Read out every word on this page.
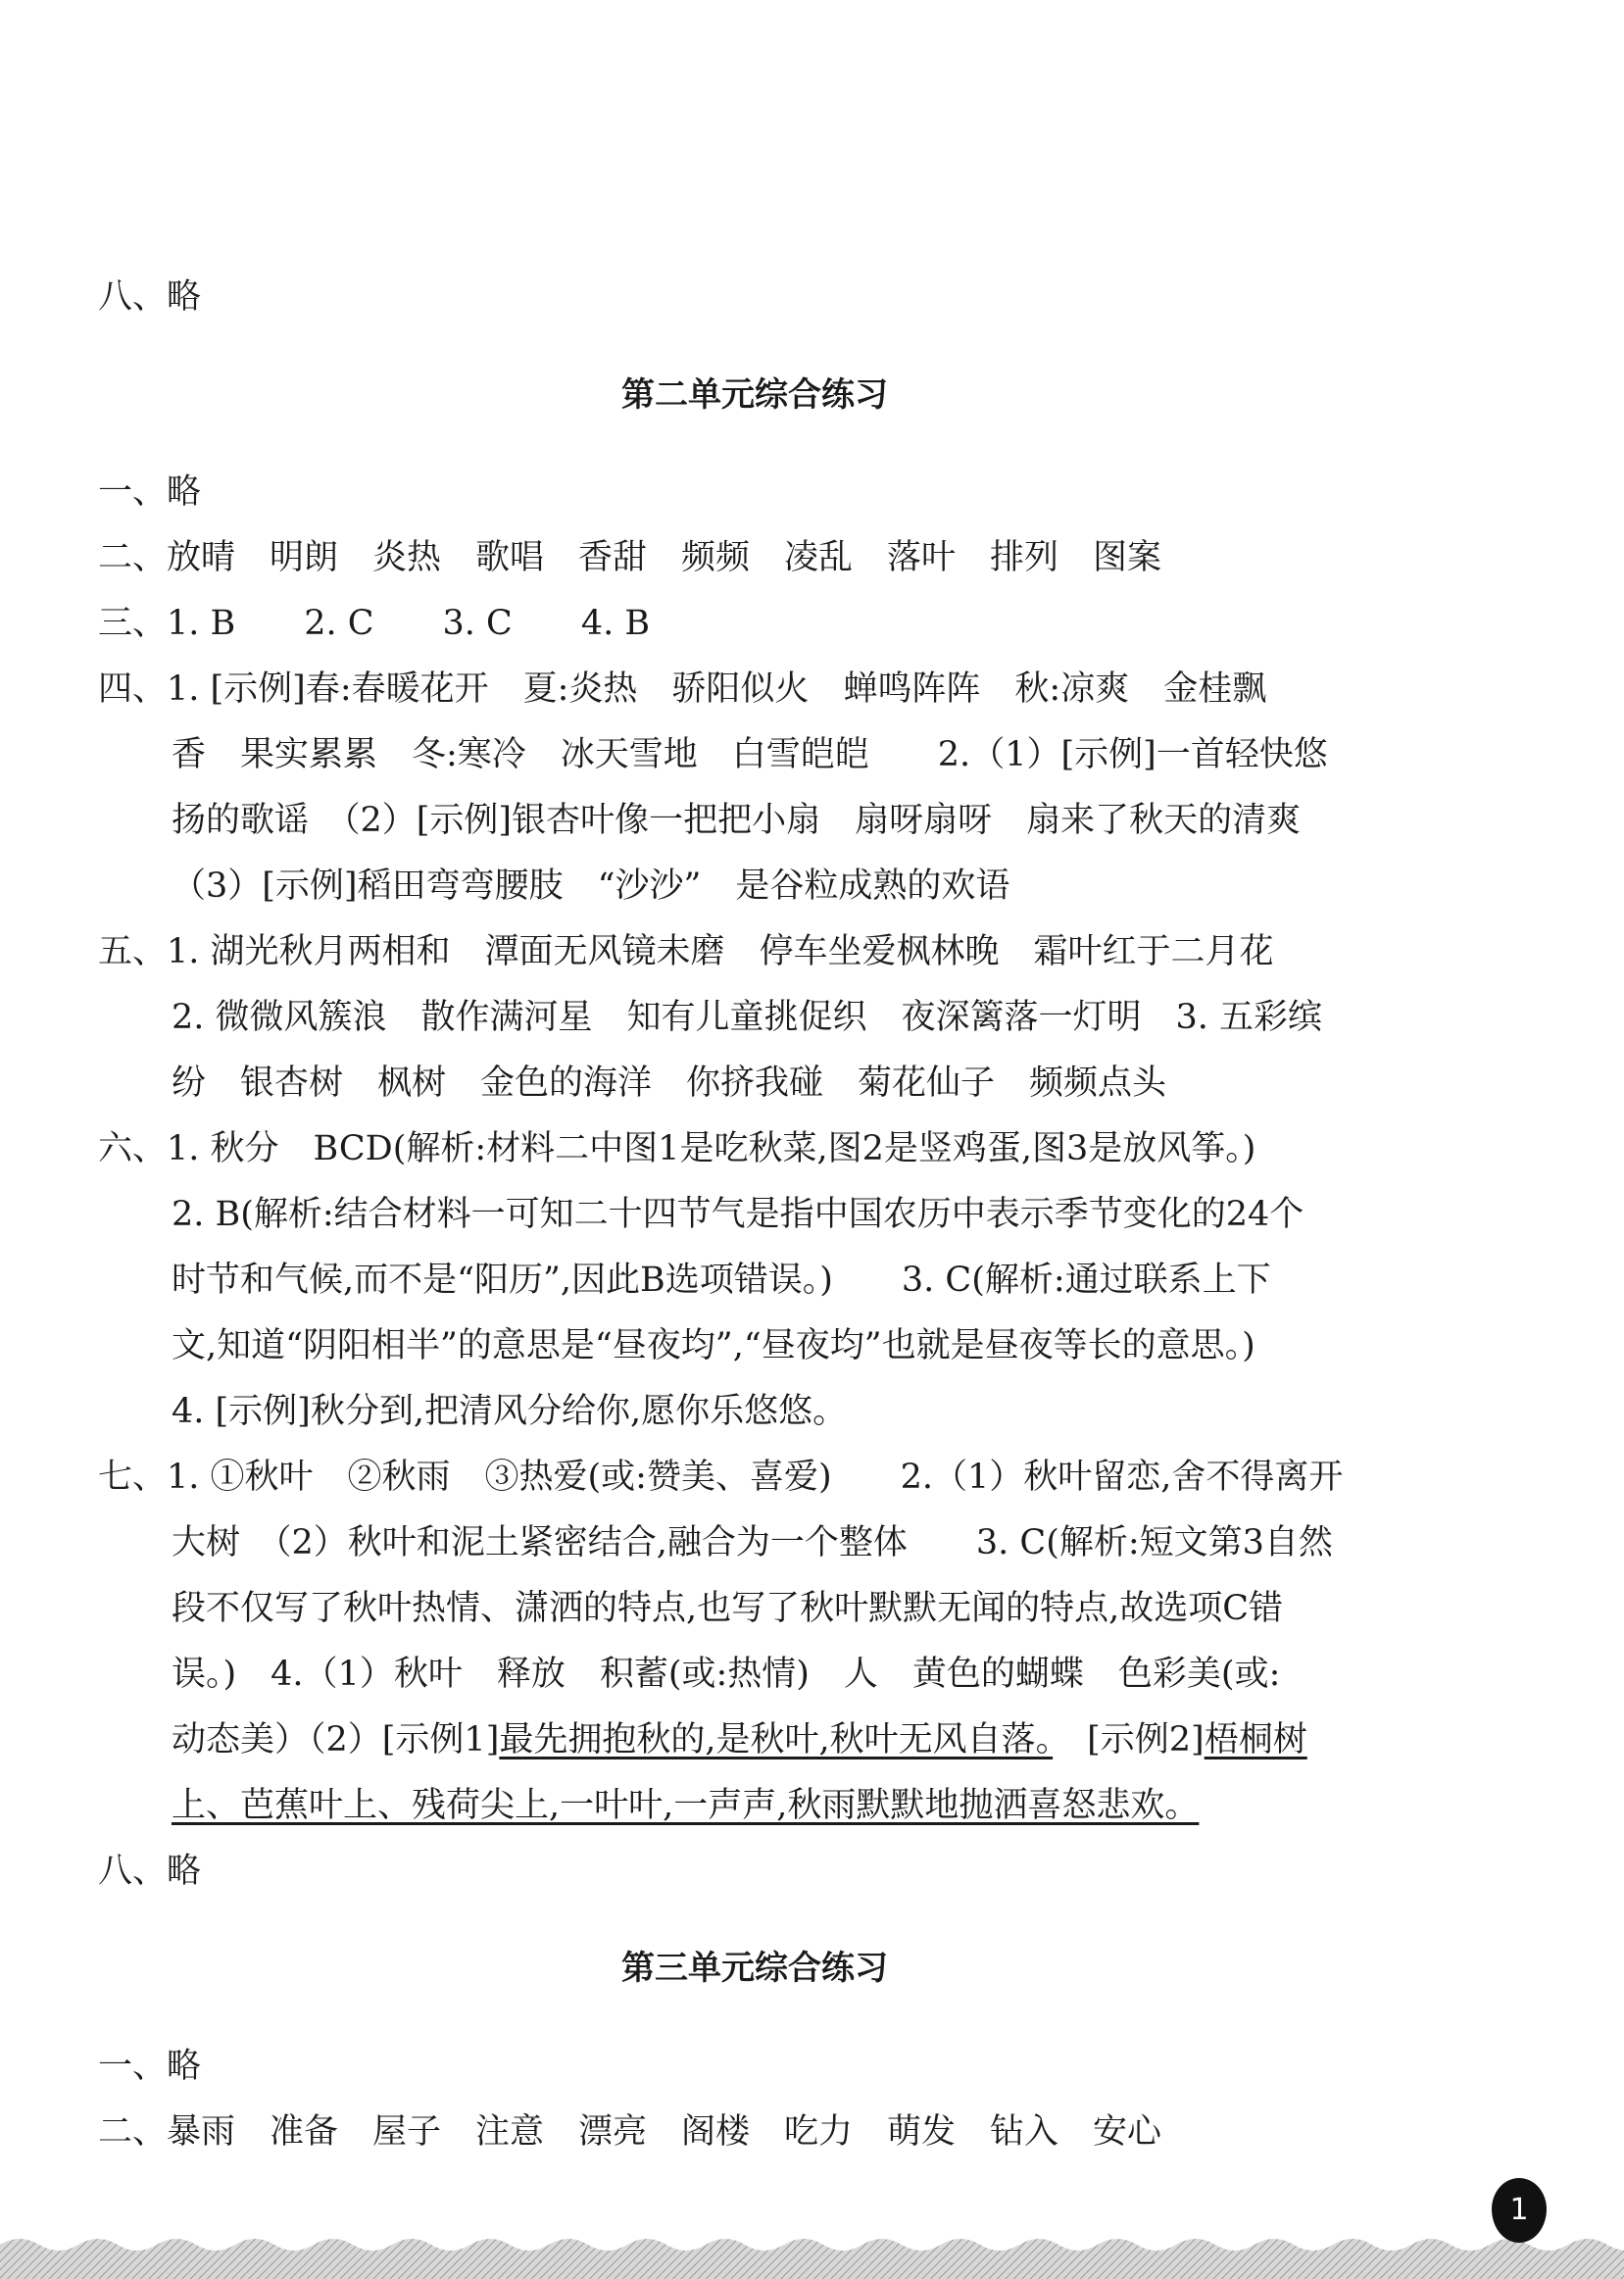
八、略
第二单元综合练习
一、略
二、放晴　明朗　炎热　歌唱　香甜　频频　凌乱　落叶　排列　图案
三、1. B　　2. C　　3. C　　4. B
四、1. [示例]春:春暖花开　夏:炎热　骄阳似火　蝉鸣阵阵　秋:凉爽　金桂飘
香　果实累累　冬:寒冷　冰天雪地　白雪皑皑　　2.（1）[示例]一首轻快悠
扬的歌谣　（2）[示例]银杏叶像一把把小扇　扇呀扇呀　扇来了秋天的清爽
（3）[示例]稻田弯弯腰肢　“沙沙”　是谷粒成熟的欢语
五、1. 湖光秋月两相和　潭面无风镜未磨　停车坐爱枫林晚　霜叶红于二月花
2. 微微风簇浪　散作满河星　知有儿童挑促织　夜深篱落一灯明　3. 五彩缤
纷　银杏树　枫树　金色的海洋　你挤我碰　菊花仙子　频频点头
六、1. 秋分　BCD(解析:材料二中图1是吃秋菜,图2是竖鸡蛋,图3是放风筝。)
2. B(解析:结合材料一可知二十四节气是指中国农历中表示季节变化的24个
时节和气候,而不是“阳历”,因此B选项错误。)　　3. C(解析:通过联系上下
文,知道“阴阳相半”的意思是“昼夜均”,“昼夜均”也就是昼夜等长的意思。)
4. [示例]秋分到,把清风分给你,愿你乐悠悠。
七、1. ①秋叶　②秋雨　③热爱(或:赞美、喜爱)　　2.（1）秋叶留恋,舍不得离开
大树　（2）秋叶和泥土紧密结合,融合为一个整体　　3. C(解析:短文第3自然
段不仅写了秋叶热情、潇洒的特点,也写了秋叶默默无闻的特点,故选项C错
误。)　4.（1）秋叶　释放　积蓄(或:热情)　人　黄色的蝴蝶　色彩美(或:
动态美）（2）[示例1]最先拥抱秋的,是秋叶,秋叶无风自落。　[示例2]梧桐树
上、芭蕉叶上、残荷尖上,一叶叶,一声声,秋雨默默地抛洒喜怒悲欢。
八、略
第三单元综合练习
一、略
二、暴雨　准备　屋子　注意　漂亮　阁楼　吃力　萌发　钻入　安心
1
